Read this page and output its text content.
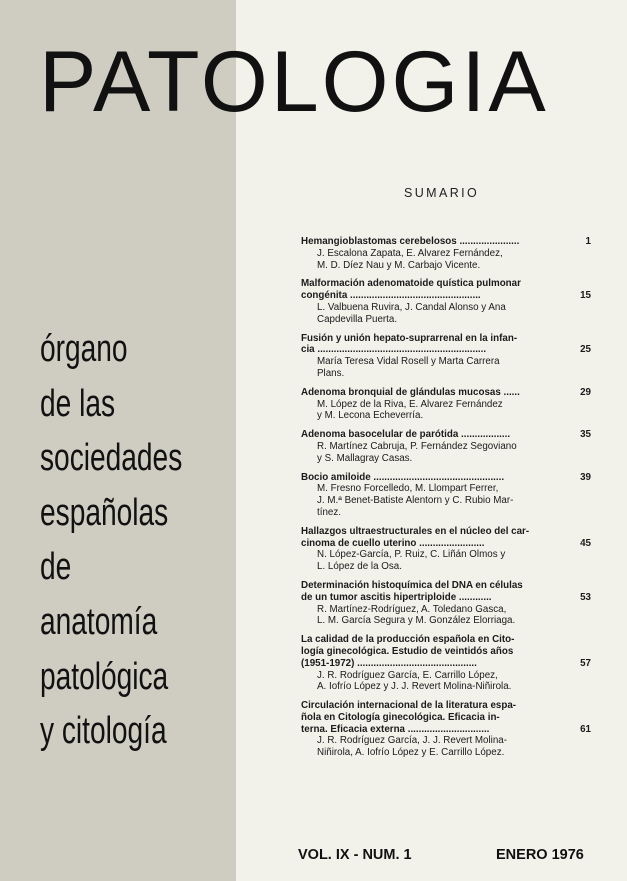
PATOLOGIA
órgano
de las
sociedades
españolas
de
anatomía
patológica
y citología
SUMARIO
1
Hemangioblastomas cerebelosos ......................
J. Escalona Zapata, E. Alvarez Fernández,
M. D. Díez Nau y M. Carbajo Vicente.
15
Malformación adenomatoide quística pulmonar
congénita ................................................
L. Valbuena Ruvira, J. Candal Alonso y Ana
Capdevilla Puerta.
25
Fusión y unión hepato-suprarrenal en la infan-
cia ..............................................................
María Teresa Vidal Rosell y Marta Carrera
Plans.
29
Adenoma bronquial de glándulas mucosas ......
M. López de la Riva, E. Alvarez Fernández
y M. Lecona Echeverría.
35
Adenoma basocelular de parótida ..................
R. Martínez Cabruja, P. Fernández Segoviano
y S. Mallagray Casas.
39
Bocio amiloide ................................................
M. Fresno Forcelledo, M. Llompart Ferrer,
J. M.ª Benet-Batiste Alentorn y C. Rubio Mar-
tínez.
45
Hallazgos ultraestructurales en el núcleo del car-
cinoma de cuello uterino ........................
N. López-García, P. Ruiz, C. Liñán Olmos y
L. López de la Osa.
53
Determinación histoquímica del DNA en células
de un tumor ascitis hipertriploide ............
R. Martínez-Rodríguez, A. Toledano Gasca,
L. M. García Segura y M. González Elorriaga.
57
La calidad de la producción española en Cito-
logía ginecológica. Estudio de veintidós años
(1951-1972) ............................................
J. R. Rodríguez García, E. Carrillo López,
A. Iofrío López y J. J. Revert Molina-Niñirola.
61
Circulación internacional de la literatura espa-
ñola en Citología ginecológica. Eficacia in-
terna. Eficacia externa ..............................
J. R. Rodríguez García, J. J. Revert Molina-
Niñirola, A. Iofrío López y E. Carrillo López.
VOL. IX - NUM. 1	ENERO 1976
